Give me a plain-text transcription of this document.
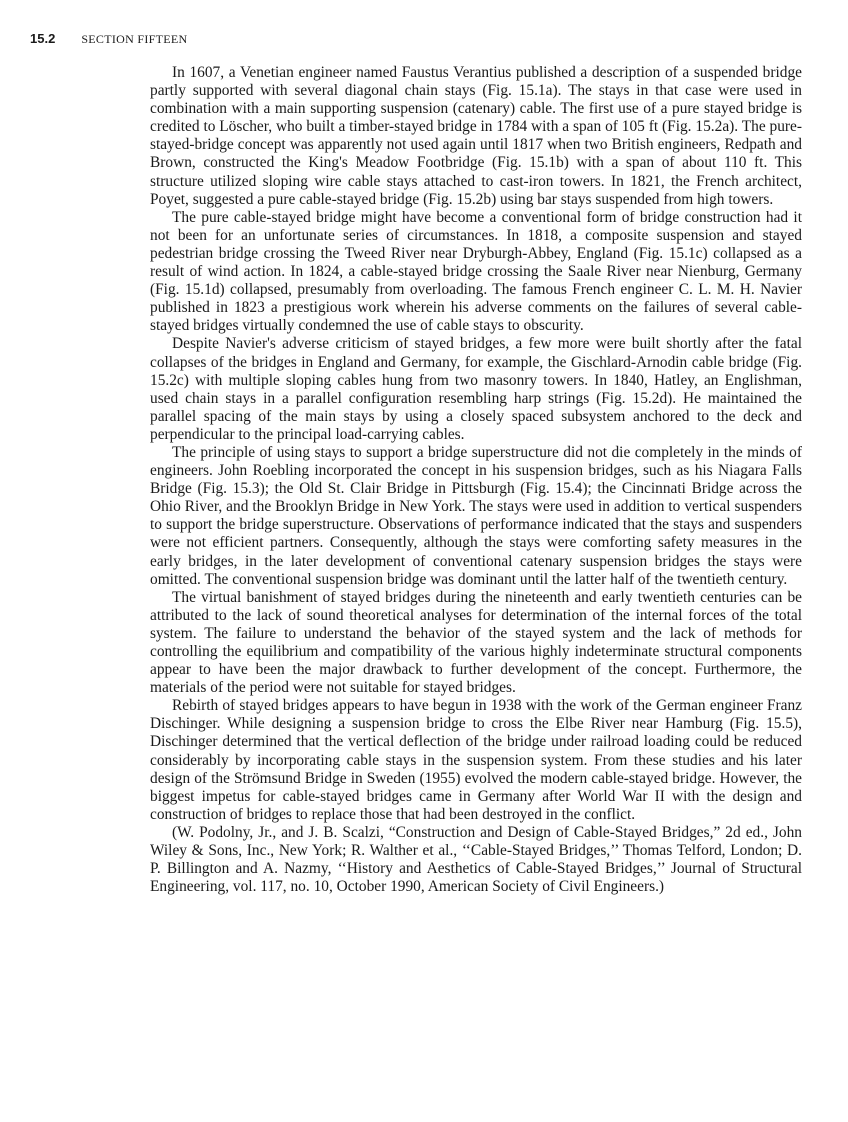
15.2 SECTION FIFTEEN

In 1607, a Venetian engineer named Faustus Verantius published a description of a suspended bridge partly supported with several diagonal chain stays (Fig. 15.1a). The stays in that case were used in combination with a main supporting suspension (catenary) cable. The first use of a pure stayed bridge is credited to Löscher, who built a timber-stayed bridge in 1784 with a span of 105 ft (Fig. 15.2a). The pure-stayed-bridge concept was apparently not used again until 1817 when two British engineers, Redpath and Brown, constructed the King's Meadow Footbridge (Fig. 15.1b) with a span of about 110 ft. This structure utilized sloping wire cable stays attached to cast-iron towers. In 1821, the French architect, Poyet, suggested a pure cable-stayed bridge (Fig. 15.2b) using bar stays suspended from high towers.

The pure cable-stayed bridge might have become a conventional form of bridge construction had it not been for an unfortunate series of circumstances. In 1818, a composite suspension and stayed pedestrian bridge crossing the Tweed River near Dryburgh-Abbey, England (Fig. 15.1c) collapsed as a result of wind action. In 1824, a cable-stayed bridge crossing the Saale River near Nienburg, Germany (Fig. 15.1d) collapsed, presumably from overloading. The famous French engineer C. L. M. H. Navier published in 1823 a prestigious work wherein his adverse comments on the failures of several cable-stayed bridges virtually condemned the use of cable stays to obscurity.

Despite Navier's adverse criticism of stayed bridges, a few more were built shortly after the fatal collapses of the bridges in England and Germany, for example, the Gischlard-Arnodin cable bridge (Fig. 15.2c) with multiple sloping cables hung from two masonry towers. In 1840, Hatley, an Englishman, used chain stays in a parallel configuration resembling harp strings (Fig. 15.2d). He maintained the parallel spacing of the main stays by using a closely spaced subsystem anchored to the deck and perpendicular to the principal load-carrying cables.

The principle of using stays to support a bridge superstructure did not die completely in the minds of engineers. John Roebling incorporated the concept in his suspension bridges, such as his Niagara Falls Bridge (Fig. 15.3); the Old St. Clair Bridge in Pittsburgh (Fig. 15.4); the Cincinnati Bridge across the Ohio River, and the Brooklyn Bridge in New York. The stays were used in addition to vertical suspenders to support the bridge superstructure. Observations of performance indicated that the stays and suspenders were not efficient partners. Consequently, although the stays were comforting safety measures in the early bridges, in the later development of conventional catenary suspension bridges the stays were omitted. The conventional suspension bridge was dominant until the latter half of the twentieth century.

The virtual banishment of stayed bridges during the nineteenth and early twentieth centuries can be attributed to the lack of sound theoretical analyses for determination of the internal forces of the total system. The failure to understand the behavior of the stayed system and the lack of methods for controlling the equilibrium and compatibility of the various highly indeterminate structural components appear to have been the major drawback to further development of the concept. Furthermore, the materials of the period were not suitable for stayed bridges.

Rebirth of stayed bridges appears to have begun in 1938 with the work of the German engineer Franz Dischinger. While designing a suspension bridge to cross the Elbe River near Hamburg (Fig. 15.5), Dischinger determined that the vertical deflection of the bridge under railroad loading could be reduced considerably by incorporating cable stays in the suspension system. From these studies and his later design of the Strömsund Bridge in Sweden (1955) evolved the modern cable-stayed bridge. However, the biggest impetus for cable-stayed bridges came in Germany after World War II with the design and construction of bridges to replace those that had been destroyed in the conflict.

(W. Podolny, Jr., and J. B. Scalzi, “Construction and Design of Cable-Stayed Bridges,” 2d ed., John Wiley & Sons, Inc., New York; R. Walther et al., ‘‘Cable-Stayed Bridges,’’ Thomas Telford, London; D. P. Billington and A. Nazmy, ‘‘History and Aesthetics of Cable-Stayed Bridges,’’ Journal of Structural Engineering, vol. 117, no. 10, October 1990, American Society of Civil Engineers.)
